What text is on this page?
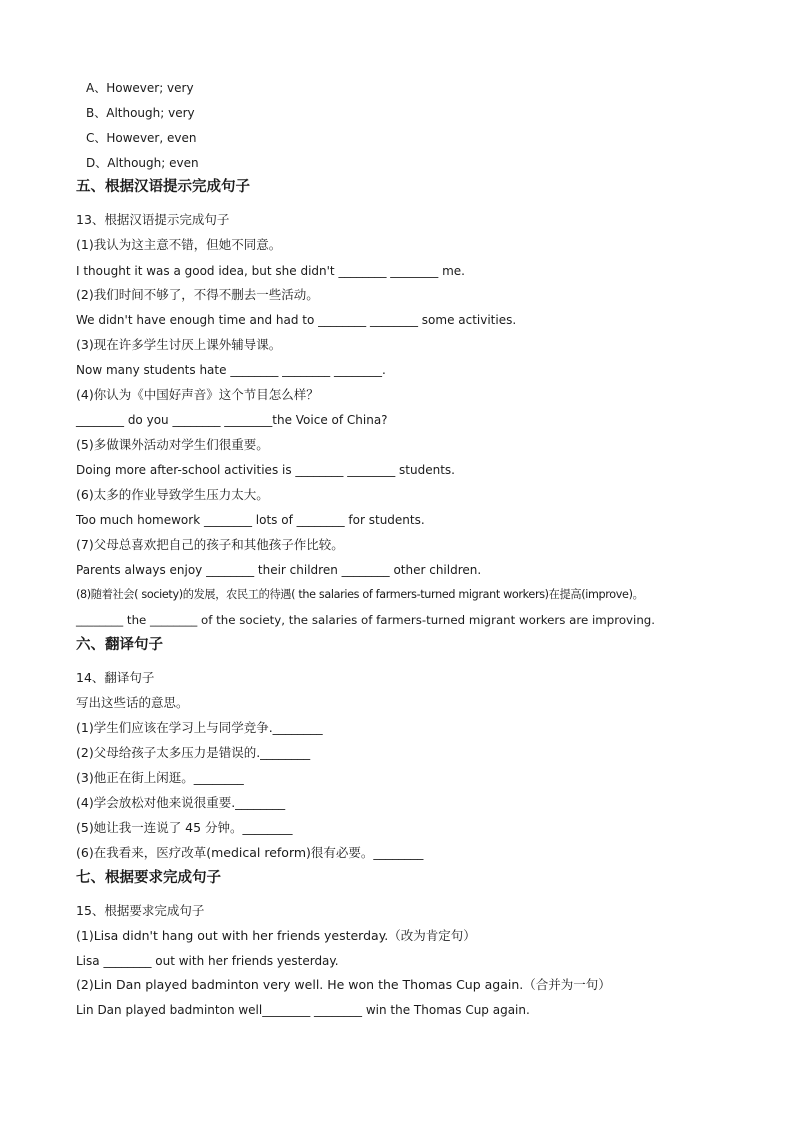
A、However; very
B、Although; very
C、However, even
D、Although; even
五、根据汉语提示完成句子
13、根据汉语提示完成句子
(1)我认为这主意不错，但她不同意。
I thought it was a good idea, but she didn't ________ ________ me.
(2)我们时间不够了，不得不删去一些活动。
We didn't have enough time and had to ________ ________ some activities.
(3)现在许多学生讨厌上课外辅导课。
Now many students hate ________ ________ ________.
(4)你认为《中国好声音》这个节目怎么样？
________ do you ________ ________the Voice of China?
(5)多做课外活动对学生们很重要。
Doing more after-school activities is ________ ________ students.
(6)太多的作业导致学生压力太大。
Too much homework ________ lots of ________ for students.
(7)父母总喜欢把自己的孩子和其他孩子作比较。
Parents always enjoy ________ their children ________ other children.
(8)随着社会( society)的发展，农民工的待遇( the salaries of farmers-turned migrant workers)在提高(improve)。
________ the ________ of the society, the salaries of farmers-turned migrant workers are improving.
六、翻译句子
14、翻译句子
写出这些话的意思。
(1)学生们应该在学习上与同学竞争.________
(2)父母给孩子太多压力是错误的.________
(3)他正在街上闲逛。________
(4)学会放松对他来说很重要.________
(5)她让我一连说了 45 分钟。________
(6)在我看来，医疗改革(medical reform)很有必要。________
七、根据要求完成句子
15、根据要求完成句子
(1)Lisa didn't hang out with her friends yesterday.（改为肯定句）
Lisa ________ out with her friends yesterday.
(2)Lin Dan played badminton very well. He won the Thomas Cup again.（合并为一句）
Lin Dan played badminton well________ ________ win the Thomas Cup again.
